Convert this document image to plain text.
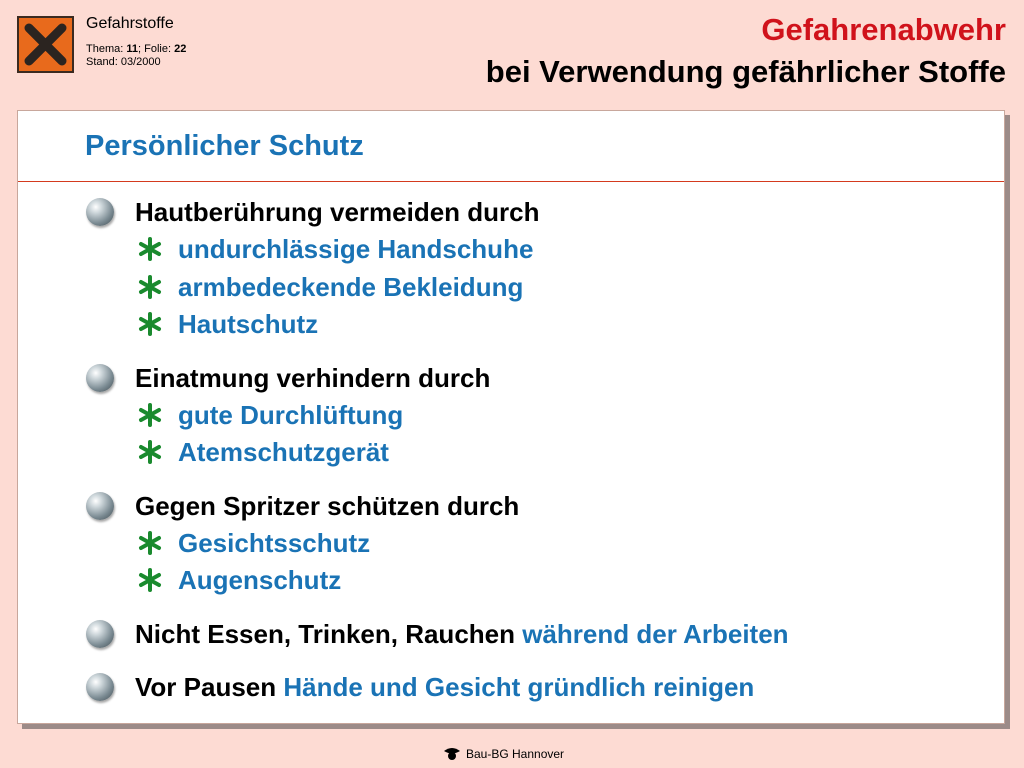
Gefahrstoffe
Thema: 11; Folie: 22
Stand: 03/2000
Gefahrenabwehr
bei Verwendung gefährlicher Stoffe
Persönlicher Schutz
Hautberührung vermeiden durch
undurchlässige Handschuhe
armbedeckende Bekleidung
Hautschutz
Einatmung verhindern durch
gute Durchlüftung
Atemschutzgerät
Gegen Spritzer schützen durch
Gesichtsschutz
Augenschutz
Nicht Essen, Trinken, Rauchen während der Arbeiten
Vor Pausen Hände und Gesicht gründlich reinigen
Bau-BG Hannover
